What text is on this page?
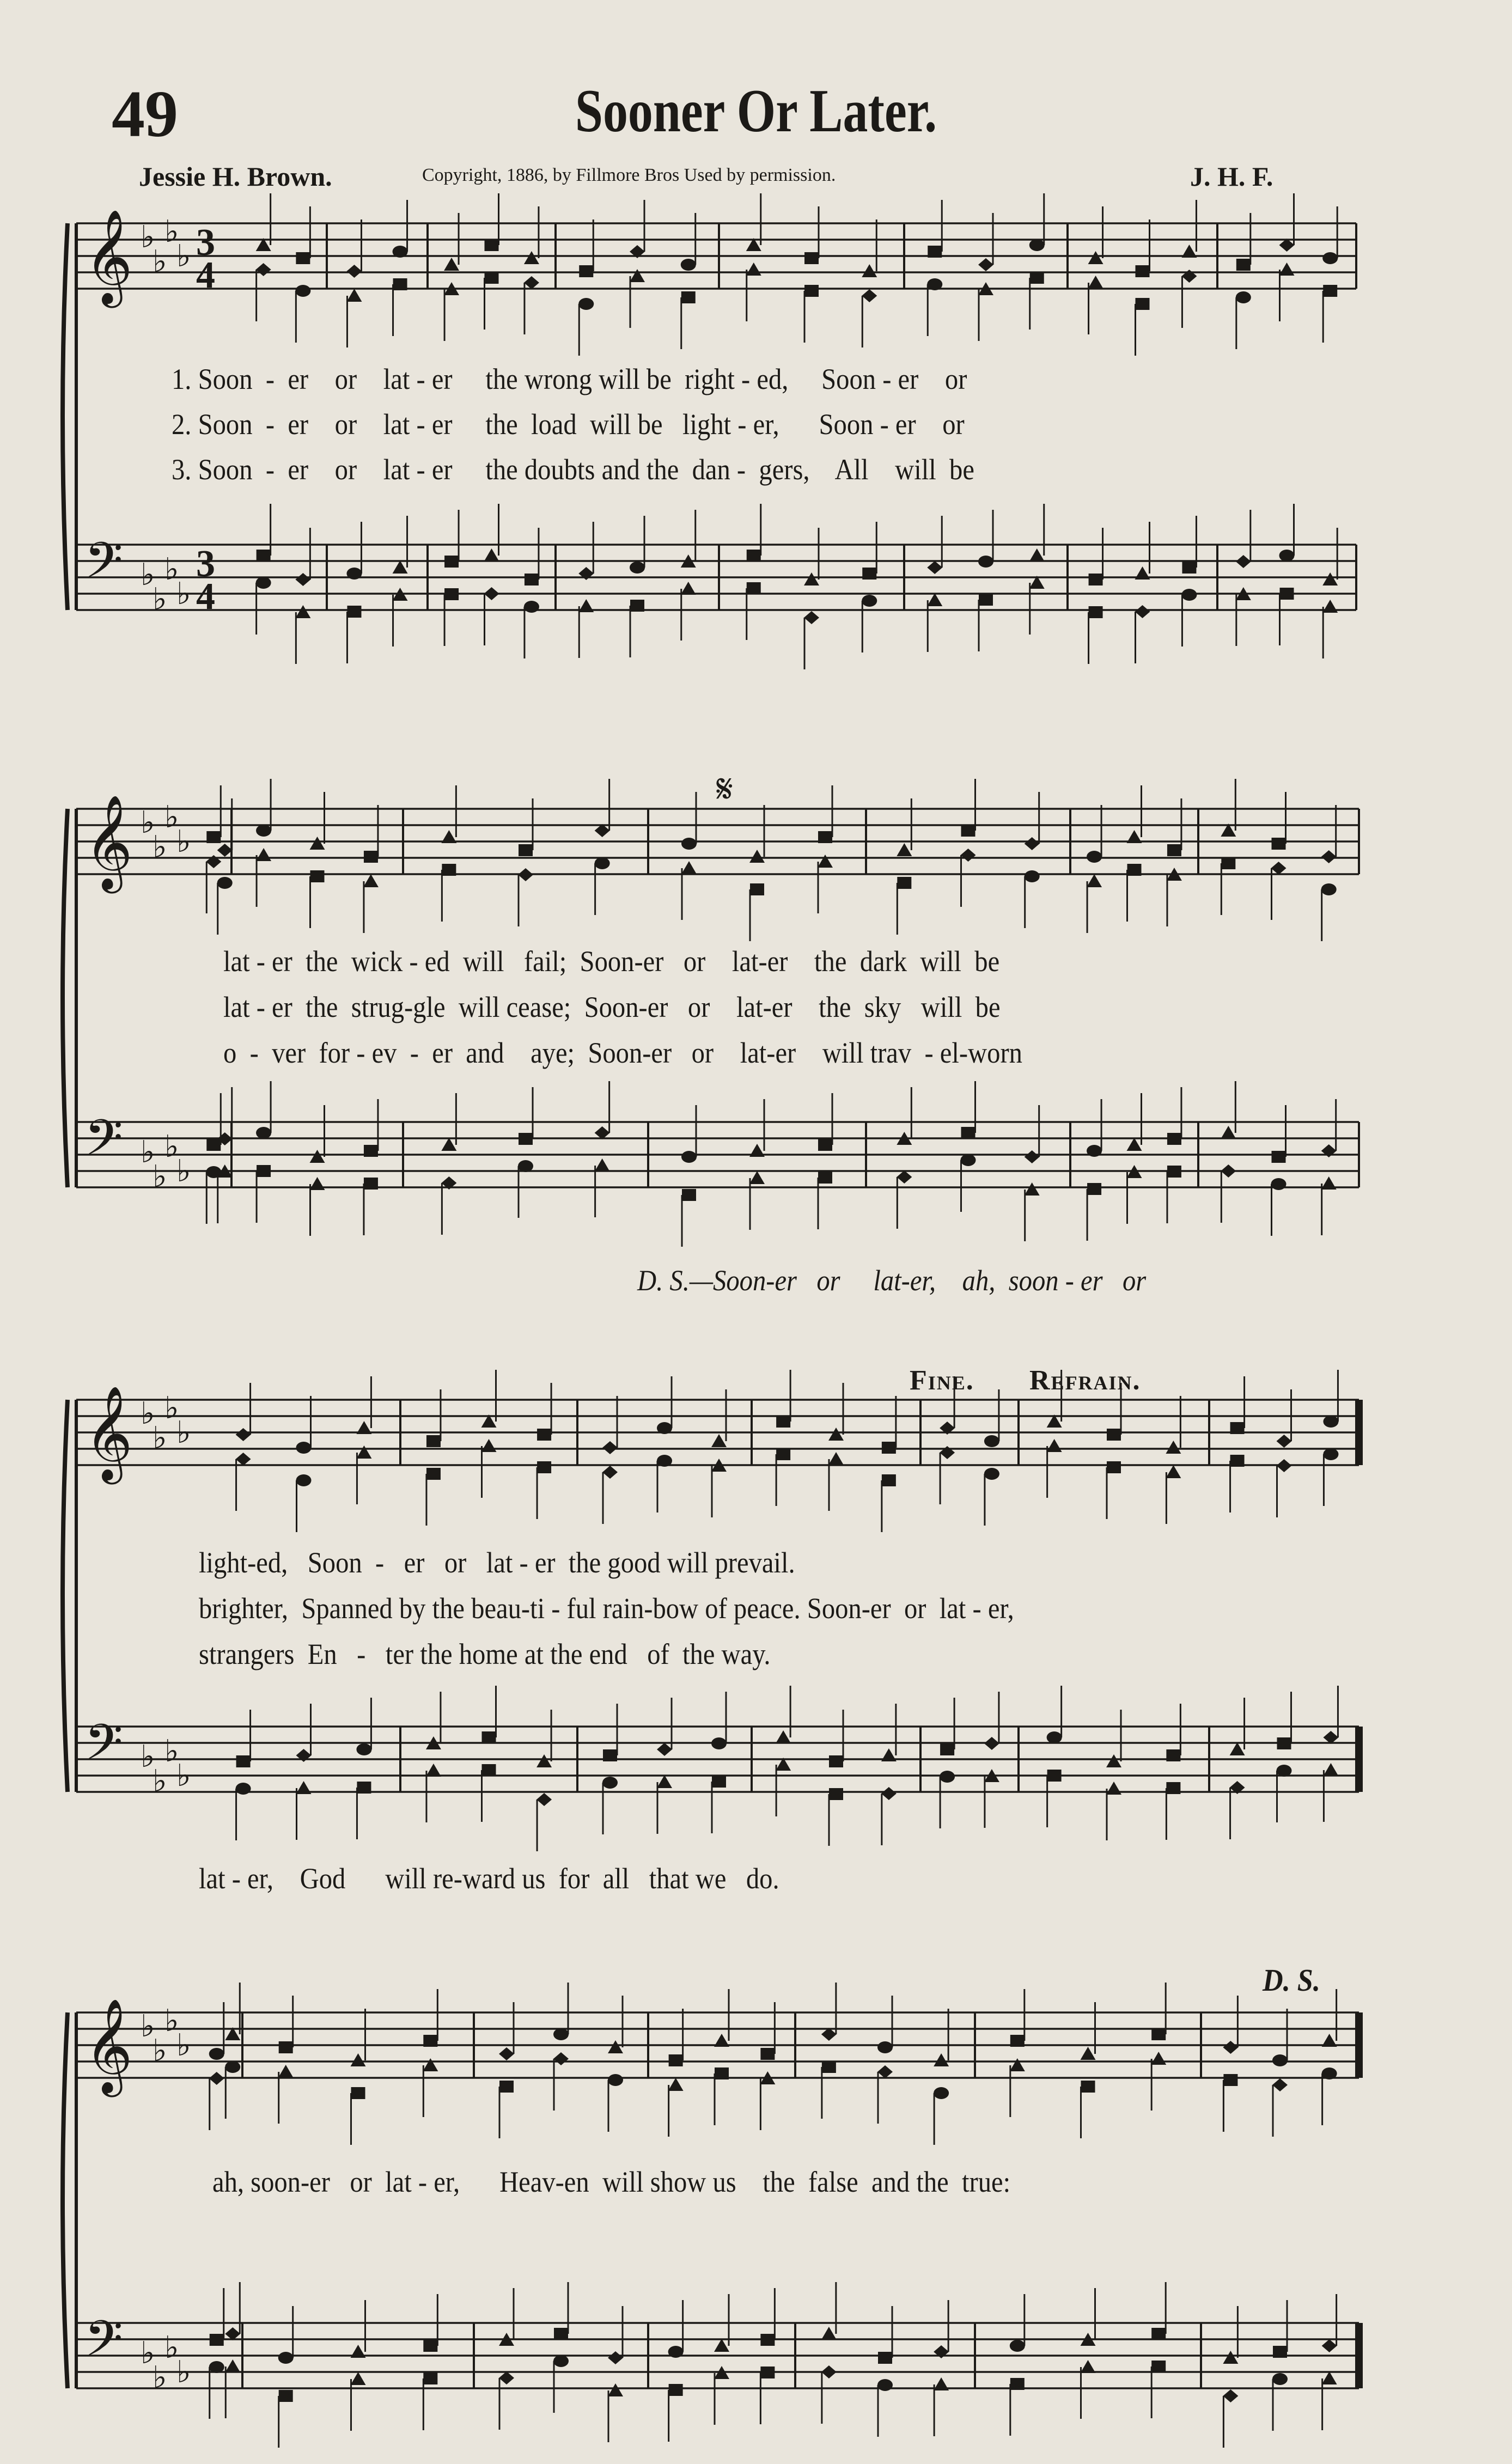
49	Sooner Or Later.
Jessie H. Brown.	Copyright, 1886, by Fillmore Bros Used by permission.	J. H. F.
1. Soon  -  er    or    lat - er     the wrong will be  right - ed,     Soon - er    or
2. Soon  -  er    or    lat - er     the  load  will be   light - er,      Soon - er    or
3. Soon  -  er    or    lat - er     the doubts and the  dan -  gers,    All    will  be
lat - er  the  wick - ed  will   fail;  Soon-er   or    lat-er    the  dark  will  be
lat - er  the  strug-gle  will cease;  Soon-er   or    lat-er    the  sky   will  be
o  -  ver  for - ev  -  er  and    aye;  Soon-er   or    lat-er    will trav  - el-worn
D. S.—Soon-er   or     lat-er,    ah,  soon - er   or
Fine. Refrain.
light-ed,   Soon  -   er   or   lat - er  the good will prevail.
brighter,  Spanned by the beau-ti - ful rain-bow of peace. Soon-er  or  lat - er,
strangers  En   -   ter the home at the end   of  the way.
lat - er,    God      will re-ward us  for  all   that we   do.
D. S.
ah, soon-er   or  lat - er,      Heav-en  will show us    the  false  and the  true:
𝄋
𝄞
𝄢
♭
♭
♭
♭
♭
♭
♭
♭
3
4
3
4
𝄞
𝄢
♭
♭
♭
♭
♭
♭
♭
♭
𝄞
𝄢
♭
♭
♭
♭
♭
♭
♭
♭
𝄞
𝄢
♭
♭
♭
♭
♭
♭
♭
♭
